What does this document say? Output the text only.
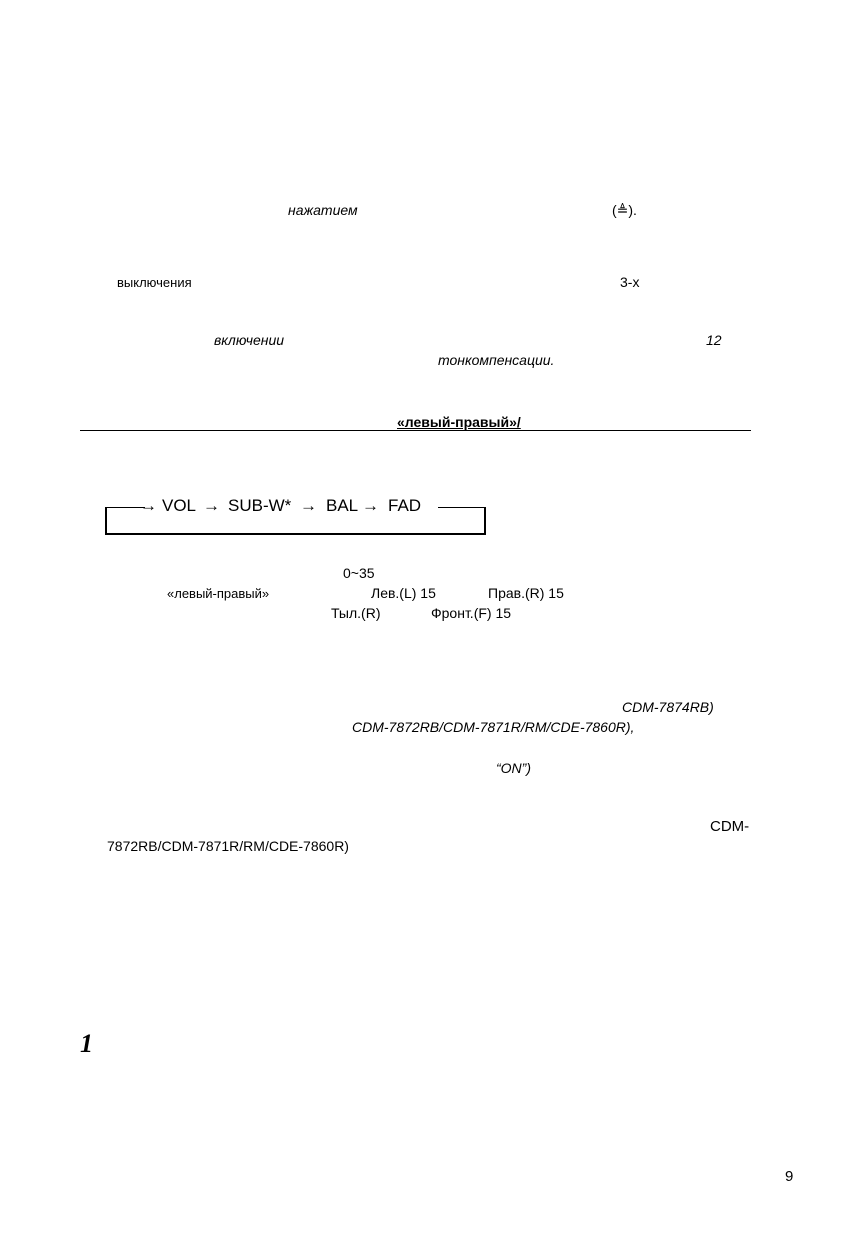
нажатием	(≜).
выключения	3-х
включении	12
тонкомпенсации.
«левый-правый»/
→ VOL → SUB-W* → BAL → FAD
0~35
«левый-правый»	Лев.(L) 15	Прав.(R) 15
Тыл.(R)	Фронт.(F) 15
CDM-7874RB)
CDM-7872RB/CDM-7871R/RM/CDE-7860R),
“ON”)
CDM-
7872RB/CDM-7871R/RM/CDE-7860R)
1
9
